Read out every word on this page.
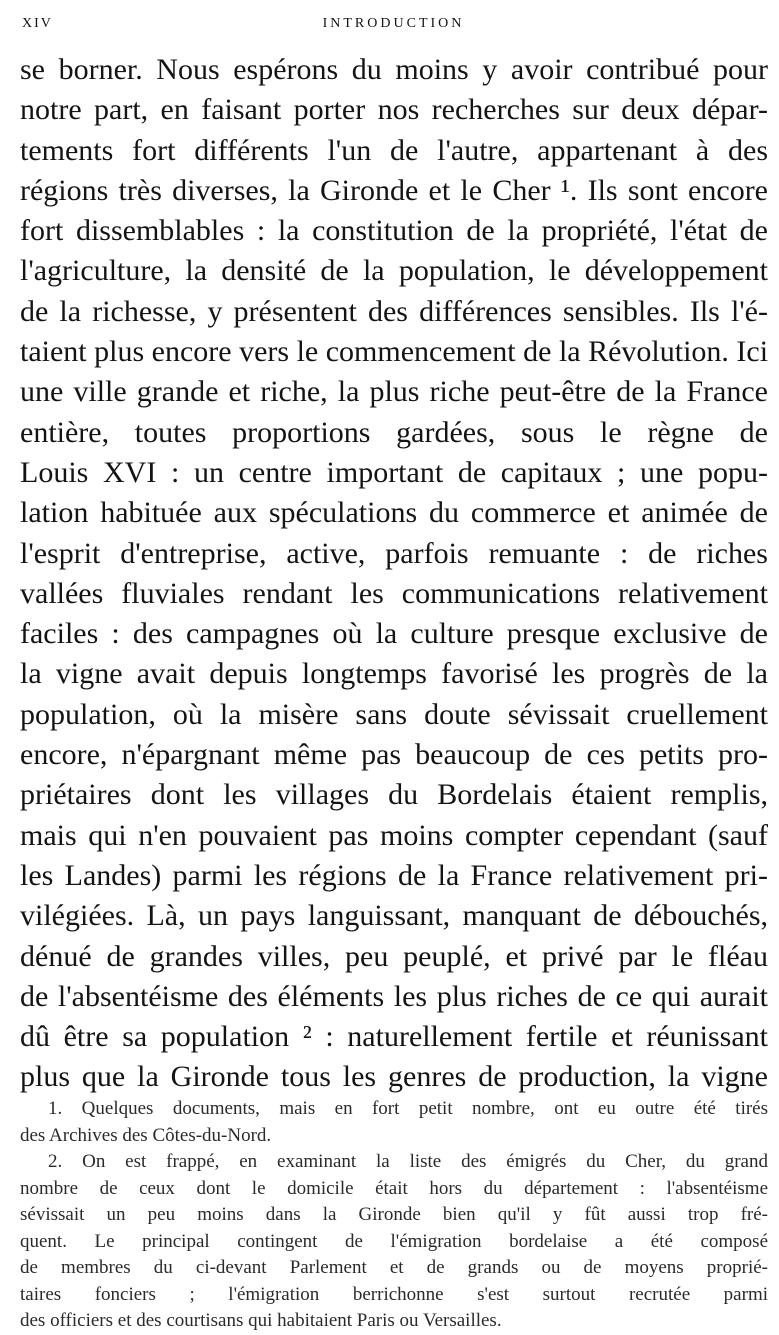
XIV	INTRODUCTION
se borner. Nous espérons du moins y avoir contribué pour
notre part, en faisant porter nos recherches sur deux dépar-
tements fort différents l'un de l'autre, appartenant à des
régions très diverses, la Gironde et le Cher ¹. Ils sont encore
fort dissemblables : la constitution de la propriété, l'état de
l'agriculture, la densité de la population, le développement
de la richesse, y présentent des différences sensibles. Ils l'é-
taient plus encore vers le commencement de la Révolution. Ici
une ville grande et riche, la plus riche peut-être de la France
entière, toutes proportions gardées, sous le règne de
Louis XVI : un centre important de capitaux ; une popu-
lation habituée aux spéculations du commerce et animée de
l'esprit d'entreprise, active, parfois remuante : de riches
vallées fluviales rendant les communications relativement
faciles : des campagnes où la culture presque exclusive de
la vigne avait depuis longtemps favorisé les progrès de la
population, où la misère sans doute sévissait cruellement
encore, n'épargnant même pas beaucoup de ces petits pro-
priétaires dont les villages du Bordelais étaient remplis,
mais qui n'en pouvaient pas moins compter cependant (sauf
les Landes) parmi les régions de la France relativement pri-
vilégiées. Là, un pays languissant, manquant de débouchés,
dénué de grandes villes, peu peuplé, et privé par le fléau
de l'absentéisme des éléments les plus riches de ce qui aurait
dû être sa population ² : naturellement fertile et réunissant
plus que la Gironde tous les genres de production, la vigne
1. Quelques documents, mais en fort petit nombre, ont eu outre été tirés
des Archives des Côtes-du-Nord.
2. On est frappé, en examinant la liste des émigrés du Cher, du grand
nombre de ceux dont le domicile était hors du département : l'absentéisme
sévissait un peu moins dans la Gironde bien qu'il y fût aussi trop fré-
quent. Le principal contingent de l'émigration bordelaise a été composé
de membres du ci-devant Parlement et de grands ou de moyens proprié-
taires fonciers ; l'émigration berrichonne s'est surtout recrutée parmi
des officiers et des courtisans qui habitaient Paris ou Versailles.
